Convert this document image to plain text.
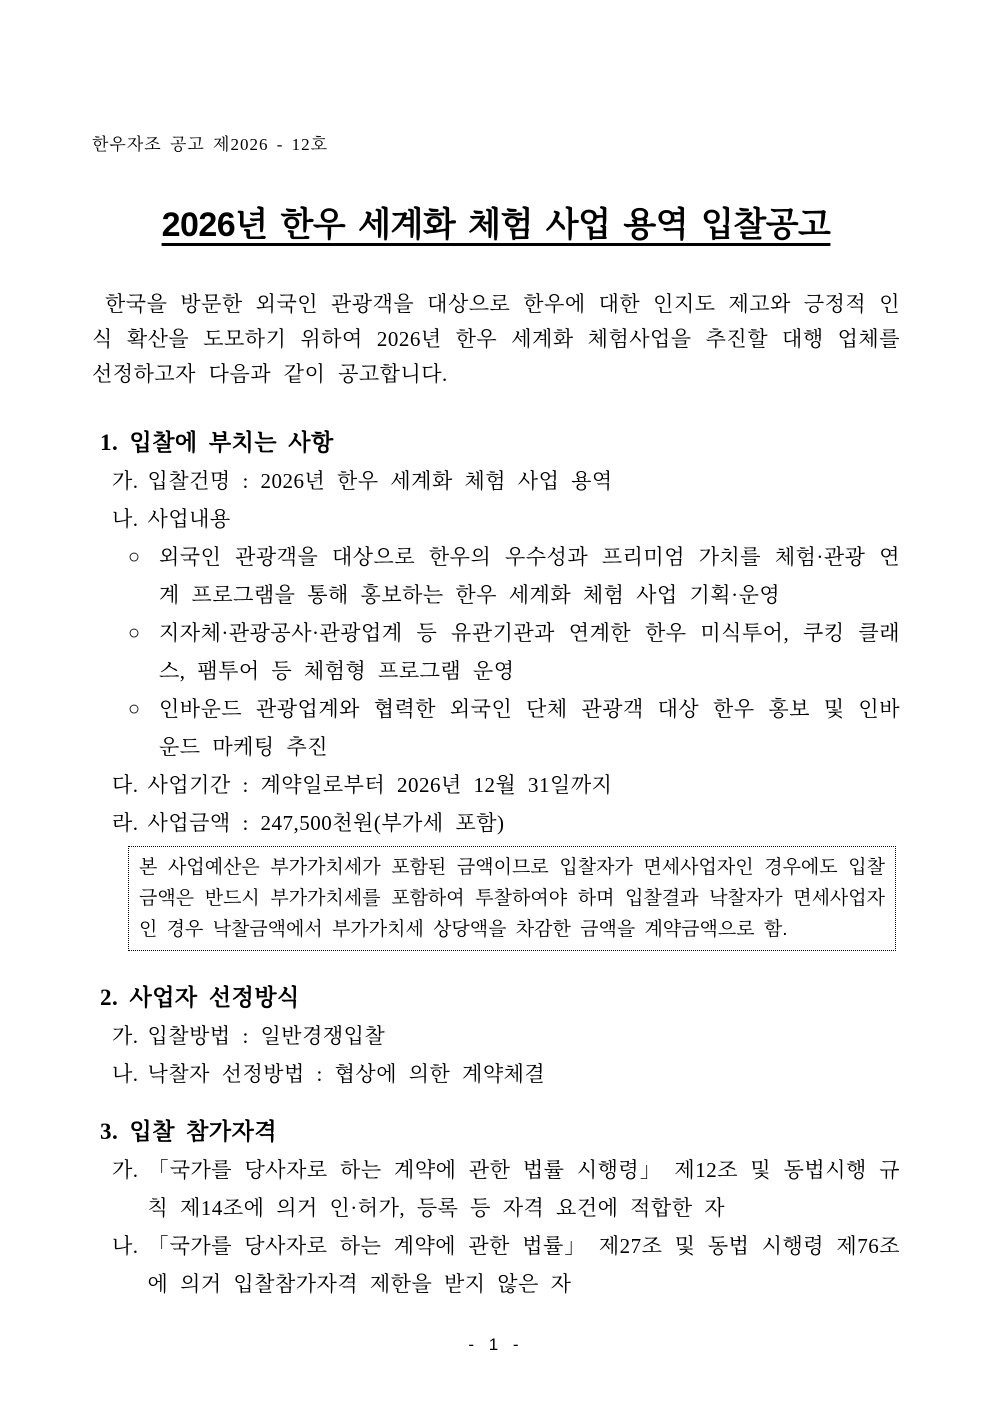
한우자조 공고 제2026 - 12호
2026년 한우 세계화 체험 사업 용역 입찰공고

한국을 방문한 외국인 관광객을 대상으로 한우에 대한 인지도 제고와 긍정적 인식 확산을 도모하기 위하여 2026년 한우 세계화 체험사업을 추진할 대행 업체를 선정하고자 다음과 같이 공고합니다.

1. 입찰에 부치는 사항
가. 입찰건명 : 2026년 한우 세계화 체험 사업 용역
나. 사업내용
○ 외국인 관광객을 대상으로 한우의 우수성과 프리미엄 가치를 체험·관광 연계 프로그램을 통해 홍보하는 한우 세계화 체험 사업 기획·운영
○ 지자체·관광공사·관광업계 등 유관기관과 연계한 한우 미식투어, 쿠킹 클래스, 팸투어 등 체험형 프로그램 운영
○ 인바운드 관광업계와 협력한 외국인 단체 관광객 대상 한우 홍보 및 인바운드 마케팅 추진
다. 사업기간 : 계약일로부터 2026년 12월 31일까지
라. 사업금액 : 247,500천원(부가세 포함)
본 사업예산은 부가가치세가 포함된 금액이므로 입찰자가 면세사업자인 경우에도 입찰금액은 반드시 부가가치세를 포함하여 투찰하여야 하며 입찰결과 낙찰자가 면세사업자인 경우 낙찰금액에서 부가가치세 상당액을 차감한 금액을 계약금액으로 함.
2. 사업자 선정방식
가. 입찰방법 : 일반경쟁입찰
나. 낙찰자 선정방법 : 협상에 의한 계약체결
3. 입찰 참가자격
가. 「국가를 당사자로 하는 계약에 관한 법률 시행령」 제12조 및 동법시행 규칙 제14조에 의거 인·허가, 등록 등 자격 요건에 적합한 자
나. 「국가를 당사자로 하는 계약에 관한 법률」 제27조 및 동법 시행령 제76조에 의거 입찰참가자격 제한을 받지 않은 자
- 1 -
